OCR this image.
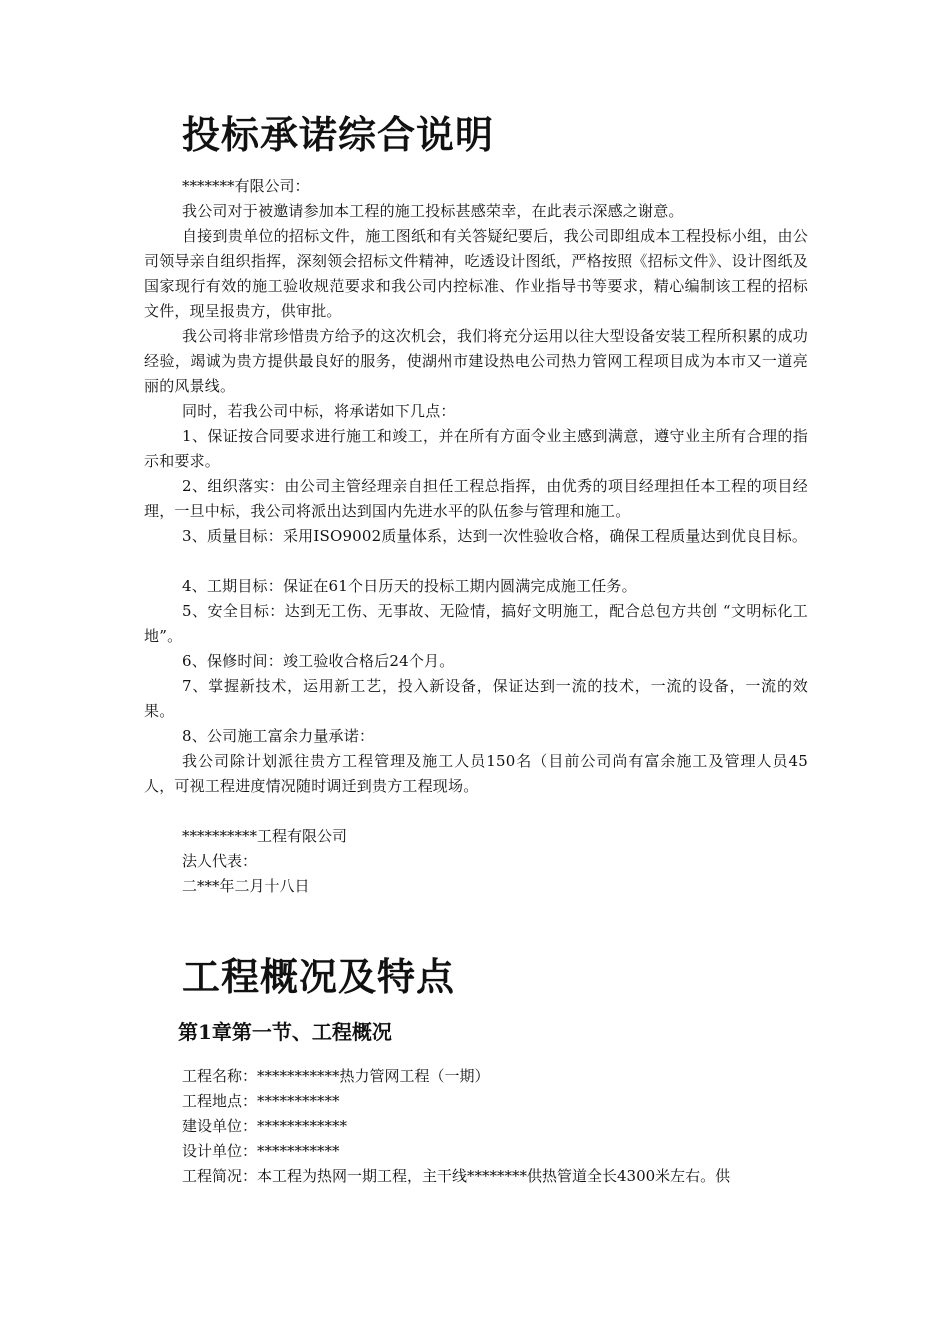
投标承诺综合说明

*******有限公司：

我公司对于被邀请参加本工程的施工投标甚感荣幸，在此表示深感之谢意。

自接到贵单位的招标文件，施工图纸和有关答疑纪要后，我公司即组成本工程投标小组，由公司领导亲自组织指挥，深刻领会招标文件精神，吃透设计图纸，严格按照《招标文件》、设计图纸及国家现行有效的施工验收规范要求和我公司内控标准、作业指导书等要求，精心编制该工程的招标文件，现呈报贵方，供审批。

我公司将非常珍惜贵方给予的这次机会，我们将充分运用以往大型设备安装工程所积累的成功经验，竭诚为贵方提供最良好的服务，使湖州市建设热电公司热力管网工程项目成为本市又一道亮丽的风景线。

同时，若我公司中标，将承诺如下几点：

1、保证按合同要求进行施工和竣工，并在所有方面令业主感到满意，遵守业主所有合理的指示和要求。

2、组织落实：由公司主管经理亲自担任工程总指挥，由优秀的项目经理担任本工程的项目经理，一旦中标，我公司将派出达到国内先进水平的队伍参与管理和施工。

3、质量目标：采用ISO9002质量体系，达到一次性验收合格，确保工程质量达到优良目标。

4、工期目标：保证在61个日历天的投标工期内圆满完成施工任务。

5、安全目标：达到无工伤、无事故、无险情，搞好文明施工，配合总包方共创 “文明标化工地”。

6、保修时间：竣工验收合格后24个月。

7、掌握新技术，运用新工艺，投入新设备，保证达到一流的技术，一流的设备，一流的效果。

8、公司施工富余力量承诺：

我公司除计划派往贵方工程管理及施工人员150名（目前公司尚有富余施工及管理人员45人，可视工程进度情况随时调迁到贵方工程现场。

**********工程有限公司

法人代表：

二***年二月十八日

工程概况及特点
第1章第一节、工程概况

工程名称：***********热力管网工程（一期）

工程地点：***********

建设单位：************

设计单位：***********

工程简况：本工程为热网一期工程，主干线********供热管道全长4300米左右。供
